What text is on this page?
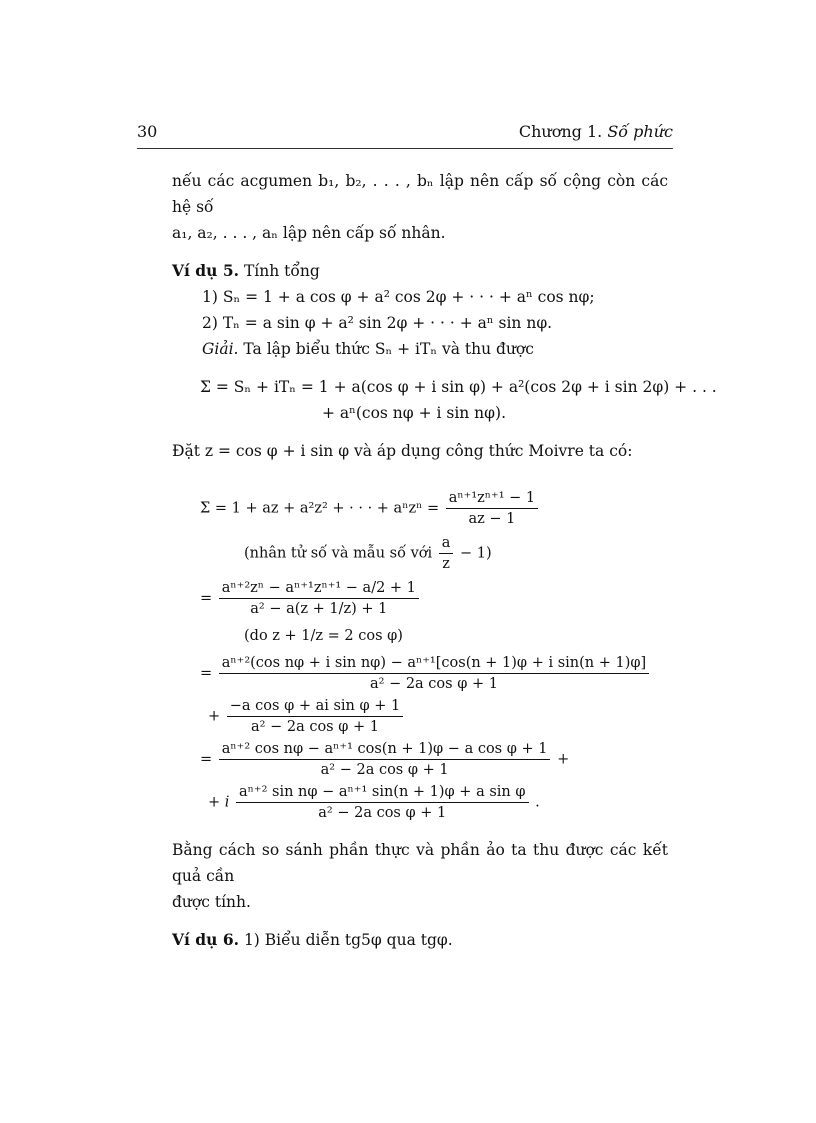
30	Chương 1. Số phức

nếu các acgumen b₁, b₂, . . . , bₙ lập nên cấp số cộng còn các hệ số
a₁, a₂, . . . , aₙ lập nên cấp số nhân.

Ví dụ 5. Tính tổng

1) Sₙ = 1 + a cos φ + a² cos 2φ + · · · + aⁿ cos nφ;

2) Tₙ = a sin φ + a² sin 2φ + · · · + aⁿ sin nφ.

Giải. Ta lập biểu thức Sₙ + iTₙ và thu được

Σ = Sₙ + iTₙ = 1 + a(cos φ + i sin φ) + a²(cos 2φ + i sin 2φ) + . . .
+ aⁿ(cos nφ + i sin nφ).

Đặt z = cos φ + i sin φ và áp dụng công thức Moivre ta có:

Σ = 1 + az + a²z² + · · · + $a^nz^n = \frac{\text{aⁿ⁺¹zⁿ⁺¹ − 1}}{az - 1}$
(nhân tử số và mẫu số với $\frac{a}{z} - 1$)
= $\frac{\text{aⁿ⁺²zⁿ − aⁿ⁺¹zⁿ⁺¹ − a/2 + 1}}{\text{a² − a(z + 1/z) + 1}}$
(do z + 1/z = 2 cos φ)
= $\frac{\text{aⁿ⁺²(cos nφ + i sin nφ) − aⁿ⁺¹[cos(n + 1)φ + i sin(n + 1)φ]}}{\text{a² − 2a cos φ + 1}}$
+ $\frac{\text{−a cos φ + ai sin φ + 1}}{\text{a² − 2a cos φ + 1}}$
= $\frac{\text{aⁿ⁺² cos nφ − aⁿ⁺¹ cos(n + 1)φ − a cos φ + 1}}{\text{a² − 2a cos φ + 1}}$ +
+ i $\frac{\text{aⁿ⁺² sin nφ − aⁿ⁺¹ sin(n + 1)φ + a sin φ}}{\text{a² − 2a cos φ + 1}}$ .

Bằng cách so sánh phần thực và phần ảo ta thu được các kết quả cần
được tính.

Ví dụ 6. 1) Biểu diễn tg5φ qua tgφ.
